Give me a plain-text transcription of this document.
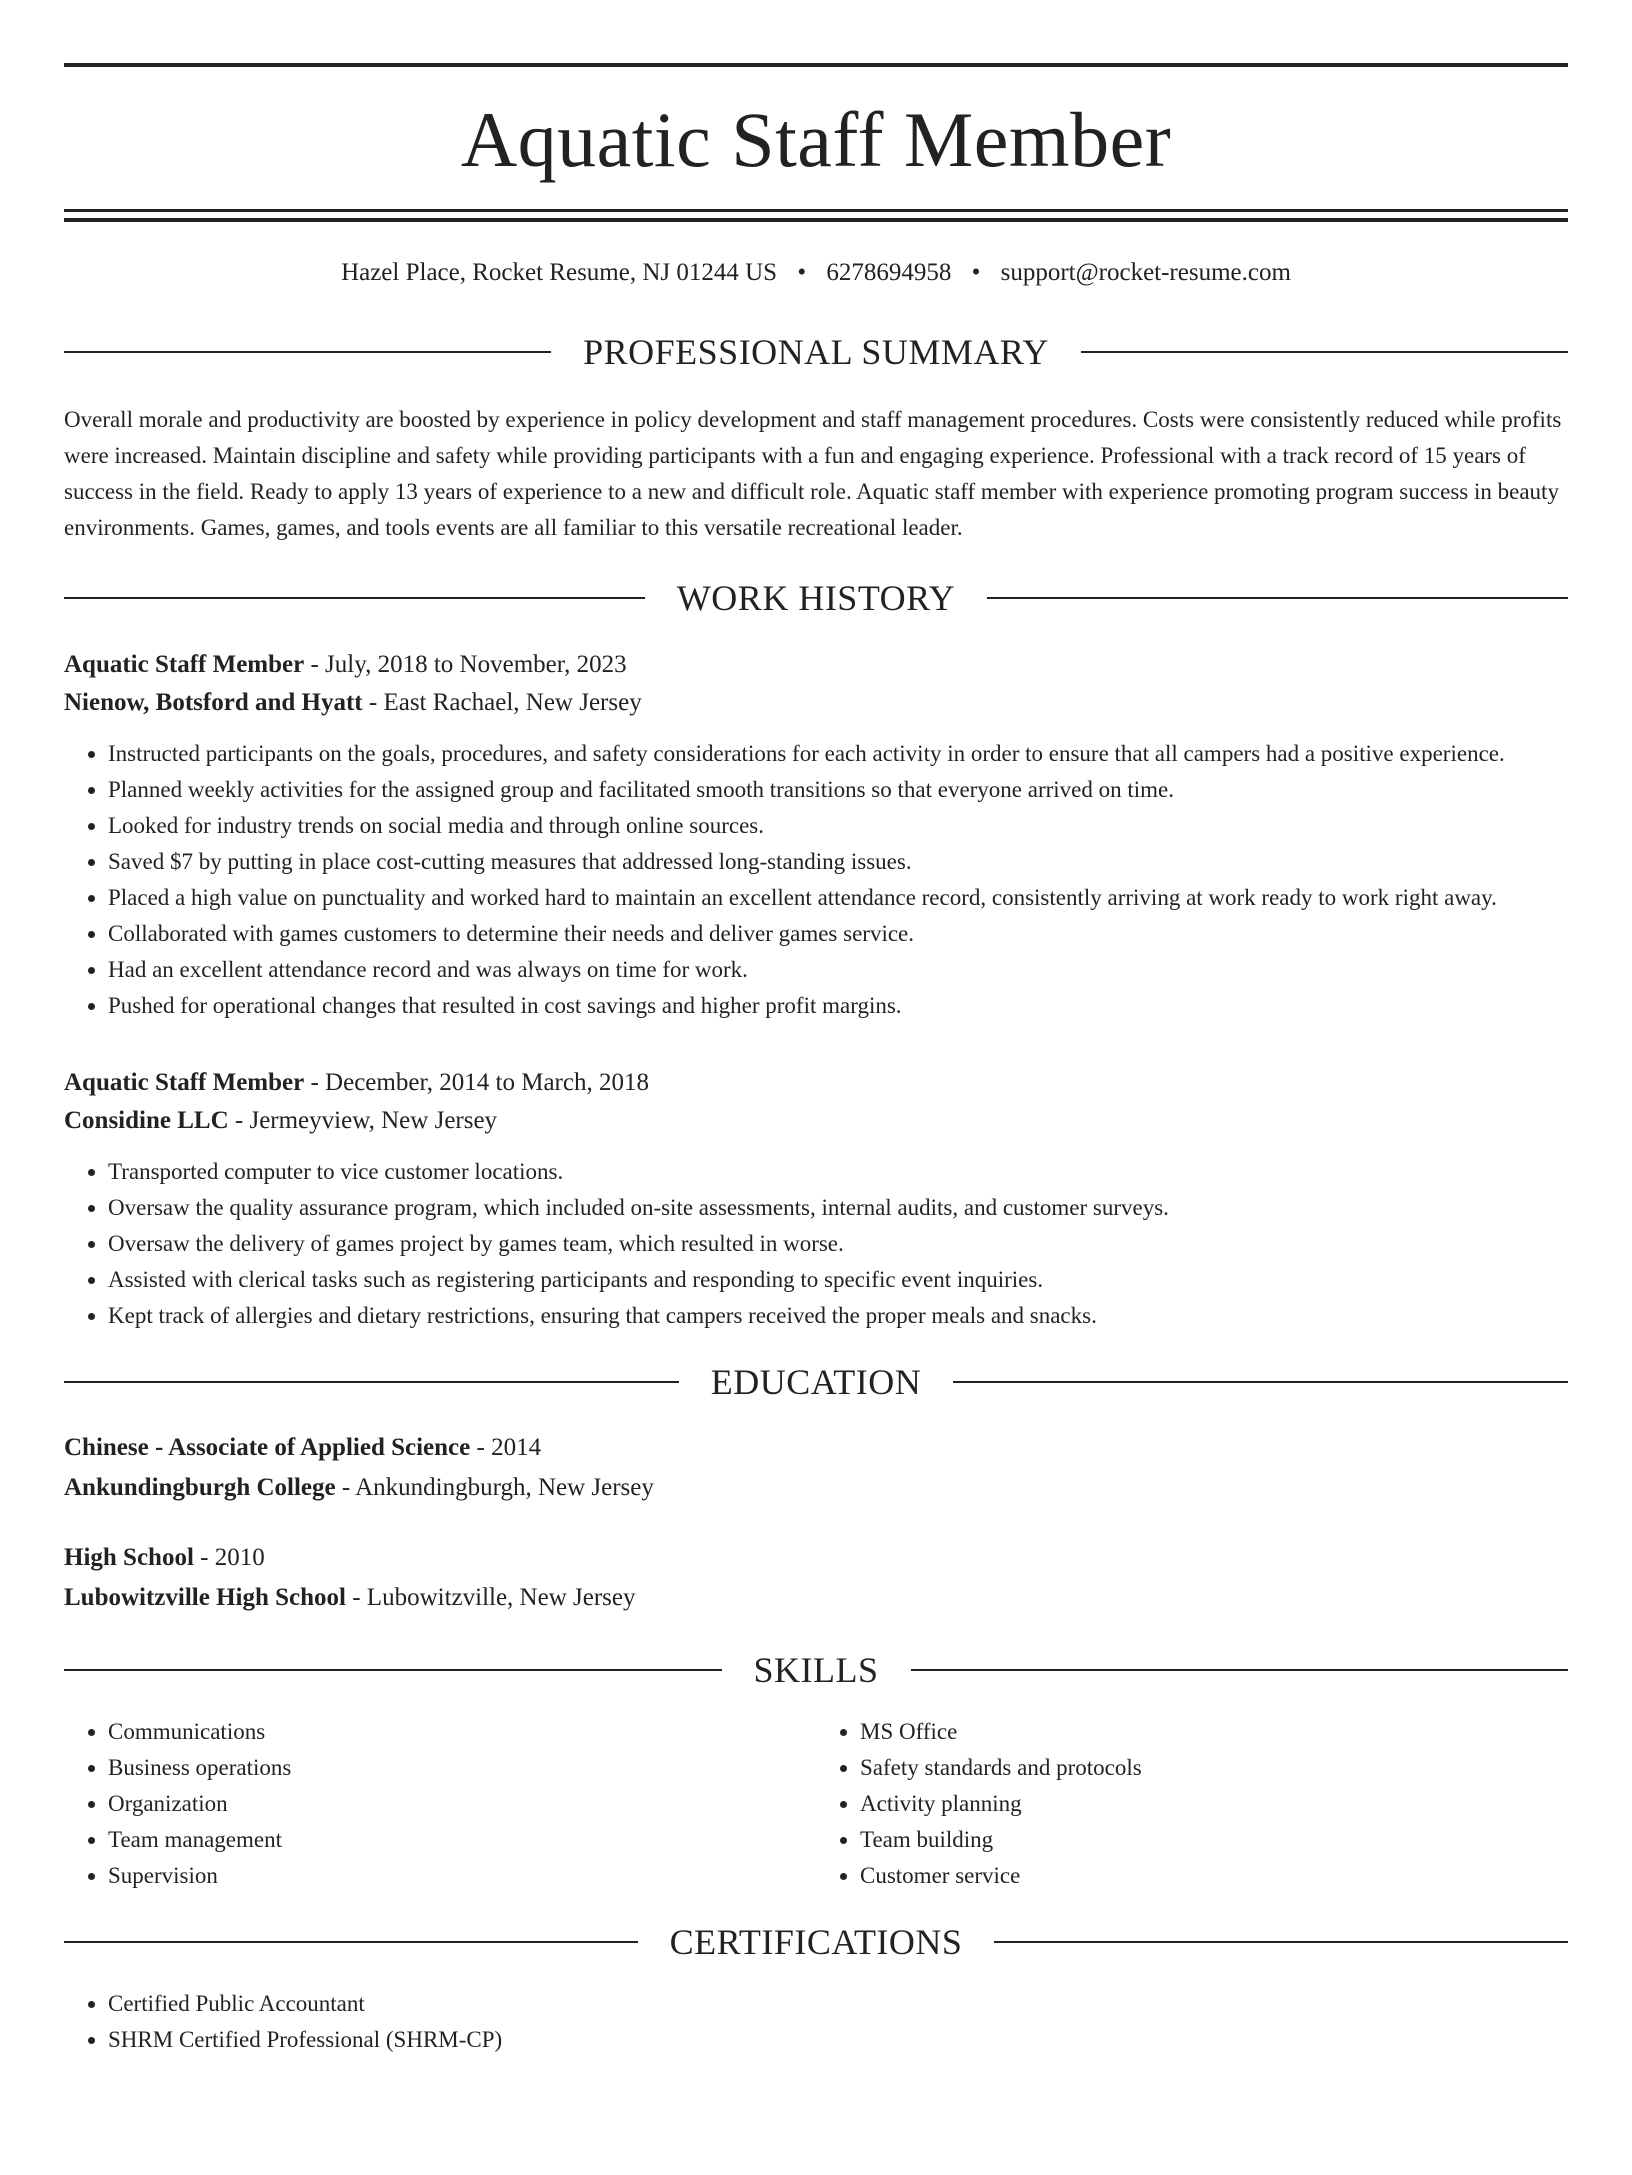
Aquatic Staff Member
Hazel Place, Rocket Resume, NJ 01244 US • 6278694958 • support@rocket-resume.com
PROFESSIONAL SUMMARY
Overall morale and productivity are boosted by experience in policy development and staff management procedures. Costs were consistently reduced while profits were increased. Maintain discipline and safety while providing participants with a fun and engaging experience. Professional with a track record of 15 years of success in the field. Ready to apply 13 years of experience to a new and difficult role. Aquatic staff member with experience promoting program success in beauty environments. Games, games, and tools events are all familiar to this versatile recreational leader.
WORK HISTORY
Aquatic Staff Member - July, 2018 to November, 2023
Nienow, Botsford and Hyatt - East Rachael, New Jersey
• Instructed participants on the goals, procedures, and safety considerations for each activity in order to ensure that all campers had a positive experience.
• Planned weekly activities for the assigned group and facilitated smooth transitions so that everyone arrived on time.
• Looked for industry trends on social media and through online sources.
• Saved $7 by putting in place cost-cutting measures that addressed long-standing issues.
• Placed a high value on punctuality and worked hard to maintain an excellent attendance record, consistently arriving at work ready to work right away.
• Collaborated with games customers to determine their needs and deliver games service.
• Had an excellent attendance record and was always on time for work.
• Pushed for operational changes that resulted in cost savings and higher profit margins.
Aquatic Staff Member - December, 2014 to March, 2018
Considine LLC - Jermeyview, New Jersey
• Transported computer to vice customer locations.
• Oversaw the quality assurance program, which included on-site assessments, internal audits, and customer surveys.
• Oversaw the delivery of games project by games team, which resulted in worse.
• Assisted with clerical tasks such as registering participants and responding to specific event inquiries.
• Kept track of allergies and dietary restrictions, ensuring that campers received the proper meals and snacks.
EDUCATION
Chinese - Associate of Applied Science - 2014
Ankundingburgh College - Ankundingburgh, New Jersey
High School - 2010
Lubowitzville High School - Lubowitzville, New Jersey
SKILLS
• Communications
• Business operations
• Organization
• Team management
• Supervision
• MS Office
• Safety standards and protocols
• Activity planning
• Team building
• Customer service
CERTIFICATIONS
• Certified Public Accountant
• SHRM Certified Professional (SHRM-CP)
